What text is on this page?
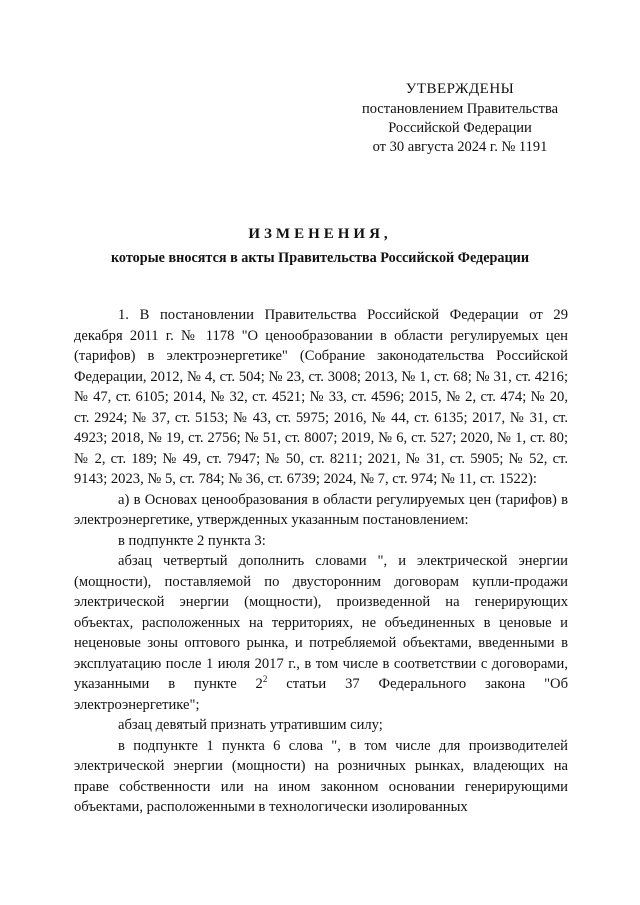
УТВЕРЖДЕНЫ
постановлением Правительства
Российской Федерации
от 30 августа 2024 г. № 1191
ИЗМЕНЕНИЯ,
которые вносятся в акты Правительства Российской Федерации

1. В постановлении Правительства Российской Федерации от 29 декабря 2011 г. № 1178 "О ценообразовании в области регулируемых цен (тарифов) в электроэнергетике" (Собрание законодательства Российской Федерации, 2012, № 4, ст. 504; № 23, ст. 3008; 2013, № 1, ст. 68; № 31, ст. 4216; № 47, ст. 6105; 2014, № 32, ст. 4521; № 33, ст. 4596; 2015, № 2, ст. 474; № 20, ст. 2924; № 37, ст. 5153; № 43, ст. 5975; 2016, № 44, ст. 6135; 2017, № 31, ст. 4923; 2018, № 19, ст. 2756; № 51, ст. 8007; 2019, № 6, ст. 527; 2020, № 1, ст. 80; № 2, ст. 189; № 49, ст. 7947; № 50, ст. 8211; 2021, № 31, ст. 5905; № 52, ст. 9143; 2023, № 5, ст. 784; № 36, ст. 6739; 2024, № 7, ст. 974; № 11, ст. 1522):

а) в Основах ценообразования в области регулируемых цен (тарифов) в электроэнергетике, утвержденных указанным постановлением:

в подпункте 2 пункта 3:

абзац четвертый дополнить словами ", и электрической энергии (мощности), поставляемой по двусторонним договорам купли-продажи электрической энергии (мощности), произведенной на генерирующих объектах, расположенных на территориях, не объединенных в ценовые и неценовые зоны оптового рынка, и потребляемой объектами, введенными в эксплуатацию после 1 июля 2017 г., в том числе в соответствии с договорами, указанными в пункте $2^2$ статьи 37 Федерального закона "Об электроэнергетике";

абзац девятый признать утратившим силу;

в подпункте 1 пункта 6 слова ", в том числе для производителей электрической энергии (мощности) на розничных рынках, владеющих на праве собственности или на ином законном основании генерирующими объектами, расположенными в технологически изолированных
